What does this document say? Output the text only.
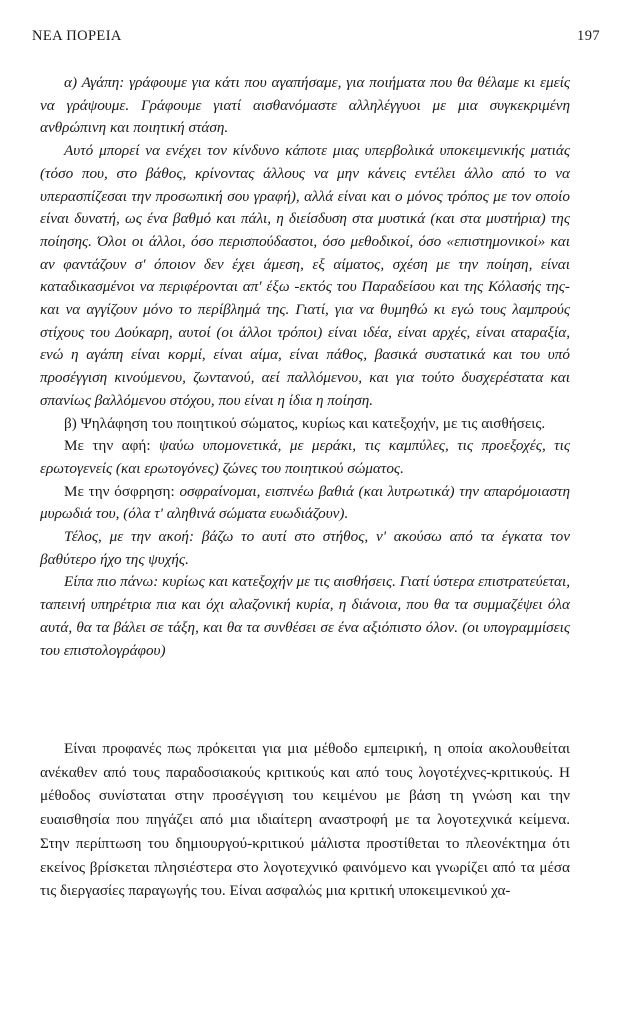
ΝΕΑ ΠΟΡΕΙΑ	197

α) Αγάπη: γράφουμε για κάτι που αγαπήσαμε, για ποιήματα που θα θέλαμε κι εμείς να γράψουμε. Γράφουμε γιατί αισθανόμαστε αλληλέγγυοι με μια συγκεκριμένη ανθρώπινη και ποιητική στάση.

Αυτό μπορεί να ενέχει τον κίνδυνο κάποτε μιας υπερβολικά υποκειμενικής ματιάς (τόσο που, στο βάθος, κρίνοντας άλλους να μην κάνεις εντέλει άλλο από το να υπερασπίζεσαι την προσωπική σου γραφή), αλλά είναι και ο μόνος τρόπος με τον οποίο είναι δυνατή, ως ένα βαθμό και πάλι, η διείσδυση στα μυστικά (και στα μυστήρια) της ποίησης. Όλοι οι άλλοι, όσο περισπούδαστοι, όσο μεθοδικοί, όσο «επιστημονικοί» και αν φαντάζουν σ' όποιον δεν έχει άμεση, εξ αίματος, σχέση με την ποίηση, είναι καταδικασμένοι να περιφέρονται απ' έξω -εκτός του Παραδείσου και της Κόλασής της- και να αγγίζουν μόνο το περίβλημά της. Γιατί, για να θυμηθώ κι εγώ τους λαμπρούς στίχους του Δούκαρη, αυτοί (οι άλλοι τρόποι) είναι ιδέα, είναι αρχές, είναι αταραξία, ενώ η αγάπη είναι κορμί, είναι αίμα, είναι πάθος, βασικά συστατικά και του υπό προσέγγιση κινούμενου, ζωντανού, αεί παλλόμενου, και για τούτο δυσχερέστατα και σπανίως βαλλόμενου στόχου, που είναι η ίδια η ποίηση.

β) Ψηλάφηση του ποιητικού σώματος, κυρίως και κατεξοχήν, με τις αισθήσεις.

Με την αφή: ψαύω υπομονετικά, με μεράκι, τις καμπύλες, τις προεξοχές, τις ερωτογενείς (και ερωτογόνες) ζώνες του ποιητικού σώματος.

Με την όσφρηση: οσφραίνομαι, εισπνέω βαθιά (και λυτρωτικά) την απαρόμοιαστη μυρωδιά του, (όλα τ' αληθινά σώματα ευωδιάζουν).

Τέλος, με την ακοή: βάζω το αυτί στο στήθος, ν' ακούσω από τα έγκατα τον βαθύτερο ήχο της ψυχής.

Είπα πιο πάνω: κυρίως και κατεξοχήν με τις αισθήσεις. Γιατί ύστερα επιστρατεύεται, ταπεινή υπηρέτρια πια και όχι αλαζονική κυρία, η διάνοια, που θα τα συμμαζέψει όλα αυτά, θα τα βάλει σε τάξη, και θα τα συνθέσει σε ένα αξιόπιστο όλον. (οι υπογραμμίσεις του επιστολογράφου)

Είναι προφανές πως πρόκειται για μια μέθοδο εμπειρική, η οποία ακολουθείται ανέκαθεν από τους παραδοσιακούς κριτικούς και από τους λογοτέχνες-κριτικούς. Η μέθοδος συνίσταται στην προσέγγιση του κειμένου με βάση τη γνώση και την ευαισθησία που πηγάζει από μια ιδιαίτερη αναστροφή με τα λογοτεχνικά κείμενα. Στην περίπτωση του δημιουργού-κριτικού μάλιστα προστίθεται το πλεονέκτημα ότι εκείνος βρίσκεται πλησιέστερα στο λογοτεχνικό φαινόμενο και γνωρίζει από τα μέσα τις διεργασίες παραγωγής του. Είναι ασφαλώς μια κριτική υποκειμενικού χα-
